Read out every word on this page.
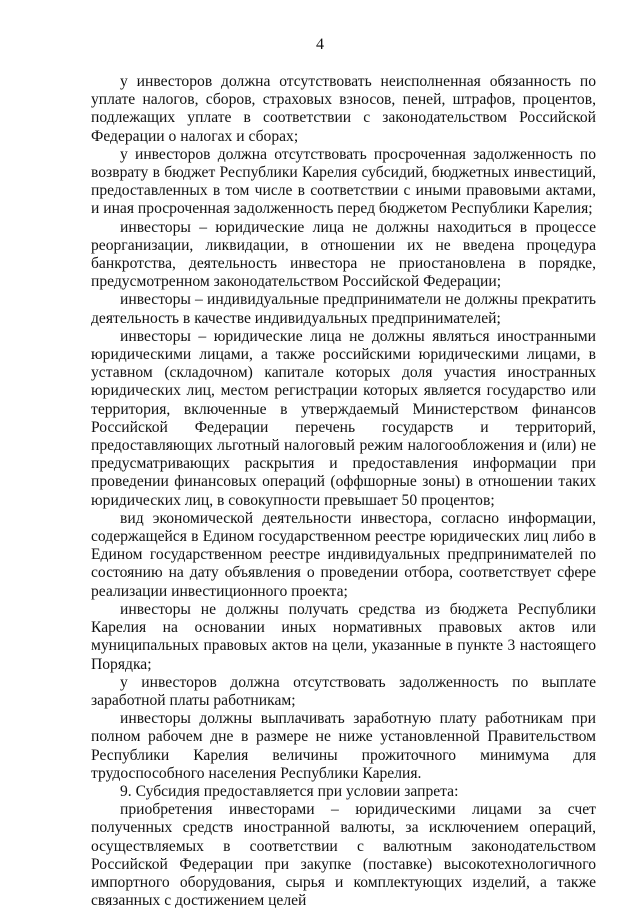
4

у инвесторов должна отсутствовать неисполненная обязанность по уплате налогов, сборов, страховых взносов, пеней, штрафов, процентов, подлежащих уплате в соответствии с законодательством Российской Федерации о налогах и сборах;

у инвесторов должна отсутствовать просроченная задолженность по возврату в бюджет Республики Карелия субсидий, бюджетных инвестиций, предоставленных в том числе в соответствии с иными правовыми актами, и иная просроченная задолженность перед бюджетом Республики Карелия;

инвесторы – юридические лица не должны находиться в процессе реорганизации, ликвидации, в отношении их не введена процедура банкротства, деятельность инвестора не приостановлена в порядке, предусмотренном законодательством Российской Федерации;

инвесторы – индивидуальные предприниматели не должны прекратить деятельность в качестве индивидуальных предпринимателей;

инвесторы – юридические лица не должны являться иностранными юридическими лицами, а также российскими юридическими лицами, в уставном (складочном) капитале которых доля участия иностранных юридических лиц, местом регистрации которых является государство или территория, включенные в утверждаемый Министерством финансов Российской Федерации перечень государств и территорий, предоставляющих льготный налоговый режим налогообложения и (или) не предусматривающих раскрытия и предоставления информации при проведении финансовых операций (оффшорные зоны) в отношении таких юридических лиц, в совокупности превышает 50 процентов;

вид экономической деятельности инвестора, согласно информации, содержащейся в Едином государственном реестре юридических лиц либо в Едином государственном реестре индивидуальных предпринимателей по состоянию на дату объявления о проведении отбора, соответствует сфере реализации инвестиционного проекта;

инвесторы не должны получать средства из бюджета Республики Карелия на основании иных нормативных правовых актов или муниципальных правовых актов на цели, указанные в пункте 3 настоящего Порядка;

у инвесторов должна отсутствовать задолженность по выплате заработной платы работникам;

инвесторы должны выплачивать заработную плату работникам при полном рабочем дне в размере не ниже установленной Правительством Республики Карелия величины прожиточного минимума для трудоспособного населения Республики Карелия.

9. Субсидия предоставляется при условии запрета:

приобретения инвесторами – юридическими лицами за счет полученных средств иностранной валюты, за исключением операций, осуществляемых в соответствии с валютным законодательством Российской Федерации при закупке (поставке) высокотехнологичного импортного оборудования, сырья и комплектующих изделий, а также связанных с достижением целей
